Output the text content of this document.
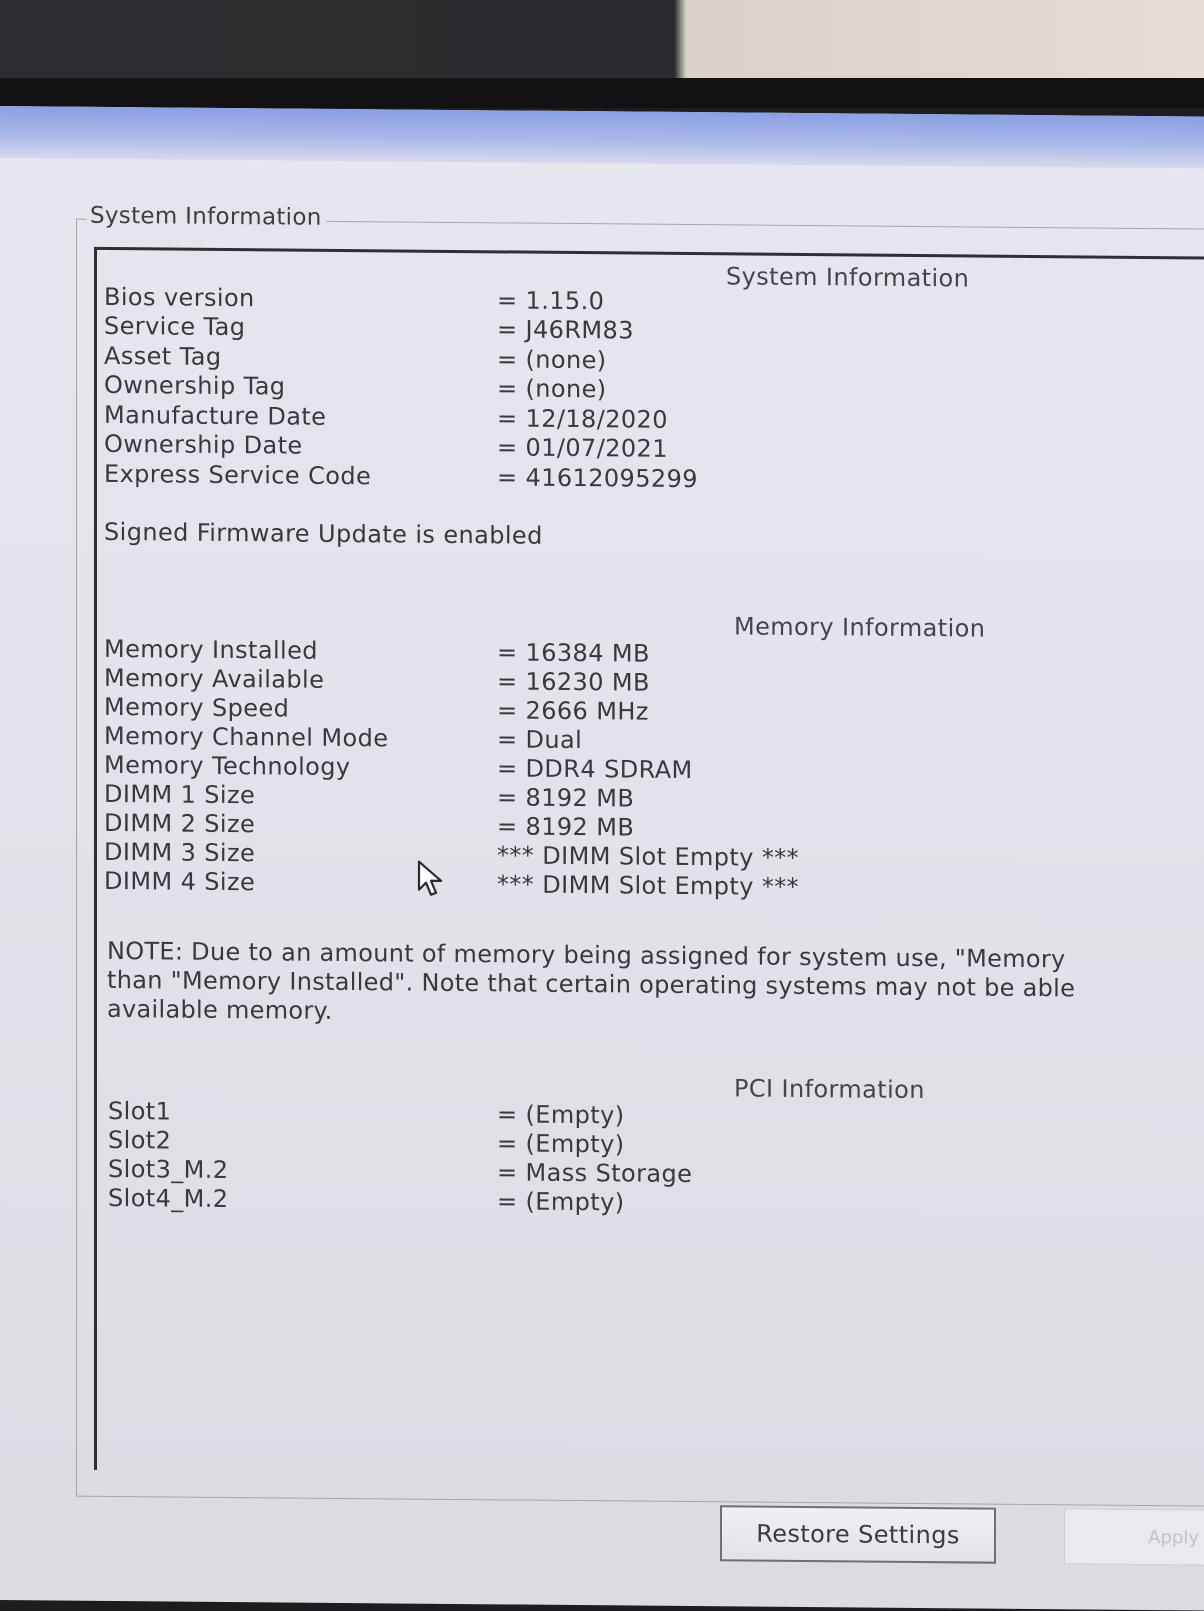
System Information
System Information
Bios version	= 1.15.0
Service Tag	= J46RM83
Asset Tag	= (none)
Ownership Tag	= (none)
Manufacture Date	= 12/18/2020
Ownership Date	= 01/07/2021
Express Service Code	= 41612095299
Signed Firmware Update is enabled
Memory Information
Memory Installed	= 16384 MB
Memory Available	= 16230 MB
Memory Speed	= 2666 MHz
Memory Channel Mode	= Dual
Memory Technology	= DDR4 SDRAM
DIMM 1 Size	= 8192 MB
DIMM 2 Size	= 8192 MB
DIMM 3 Size	*** DIMM Slot Empty ***
DIMM 4 Size	*** DIMM Slot Empty ***
NOTE: Due to an amount of memory being assigned for system use, "Memory
than "Memory Installed". Note that certain operating systems may not be able
available memory.
PCI Information
Slot1	= (Empty)
Slot2	= (Empty)
Slot3_M.2	= Mass Storage
Slot4_M.2	= (Empty)
Restore Settings	Apply
